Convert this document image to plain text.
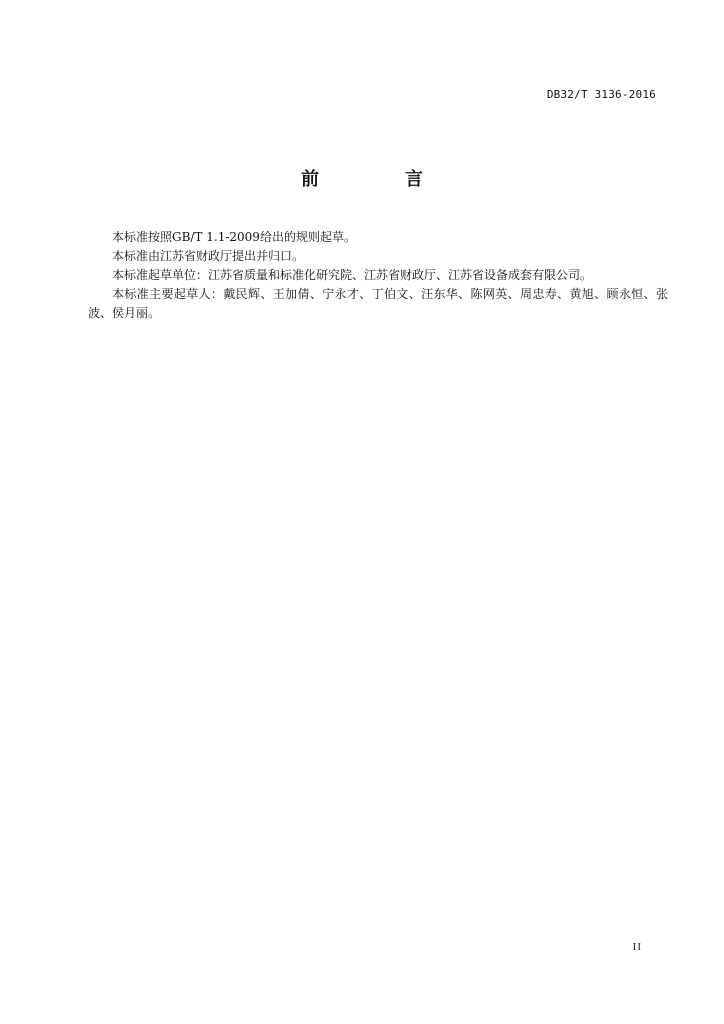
DB32/T 3136-2016
前　言

本标准按照GB/T 1.1-2009给出的规则起草。

本标准由江苏省财政厅提出并归口。

本标准起草单位：江苏省质量和标准化研究院、江苏省财政厅、江苏省设备成套有限公司。

本标准主要起草人：戴民辉、王加倩、宁永才、丁伯文、汪东华、陈网英、周忠寿、黄旭、顾永恒、张波、侯月丽。

II
